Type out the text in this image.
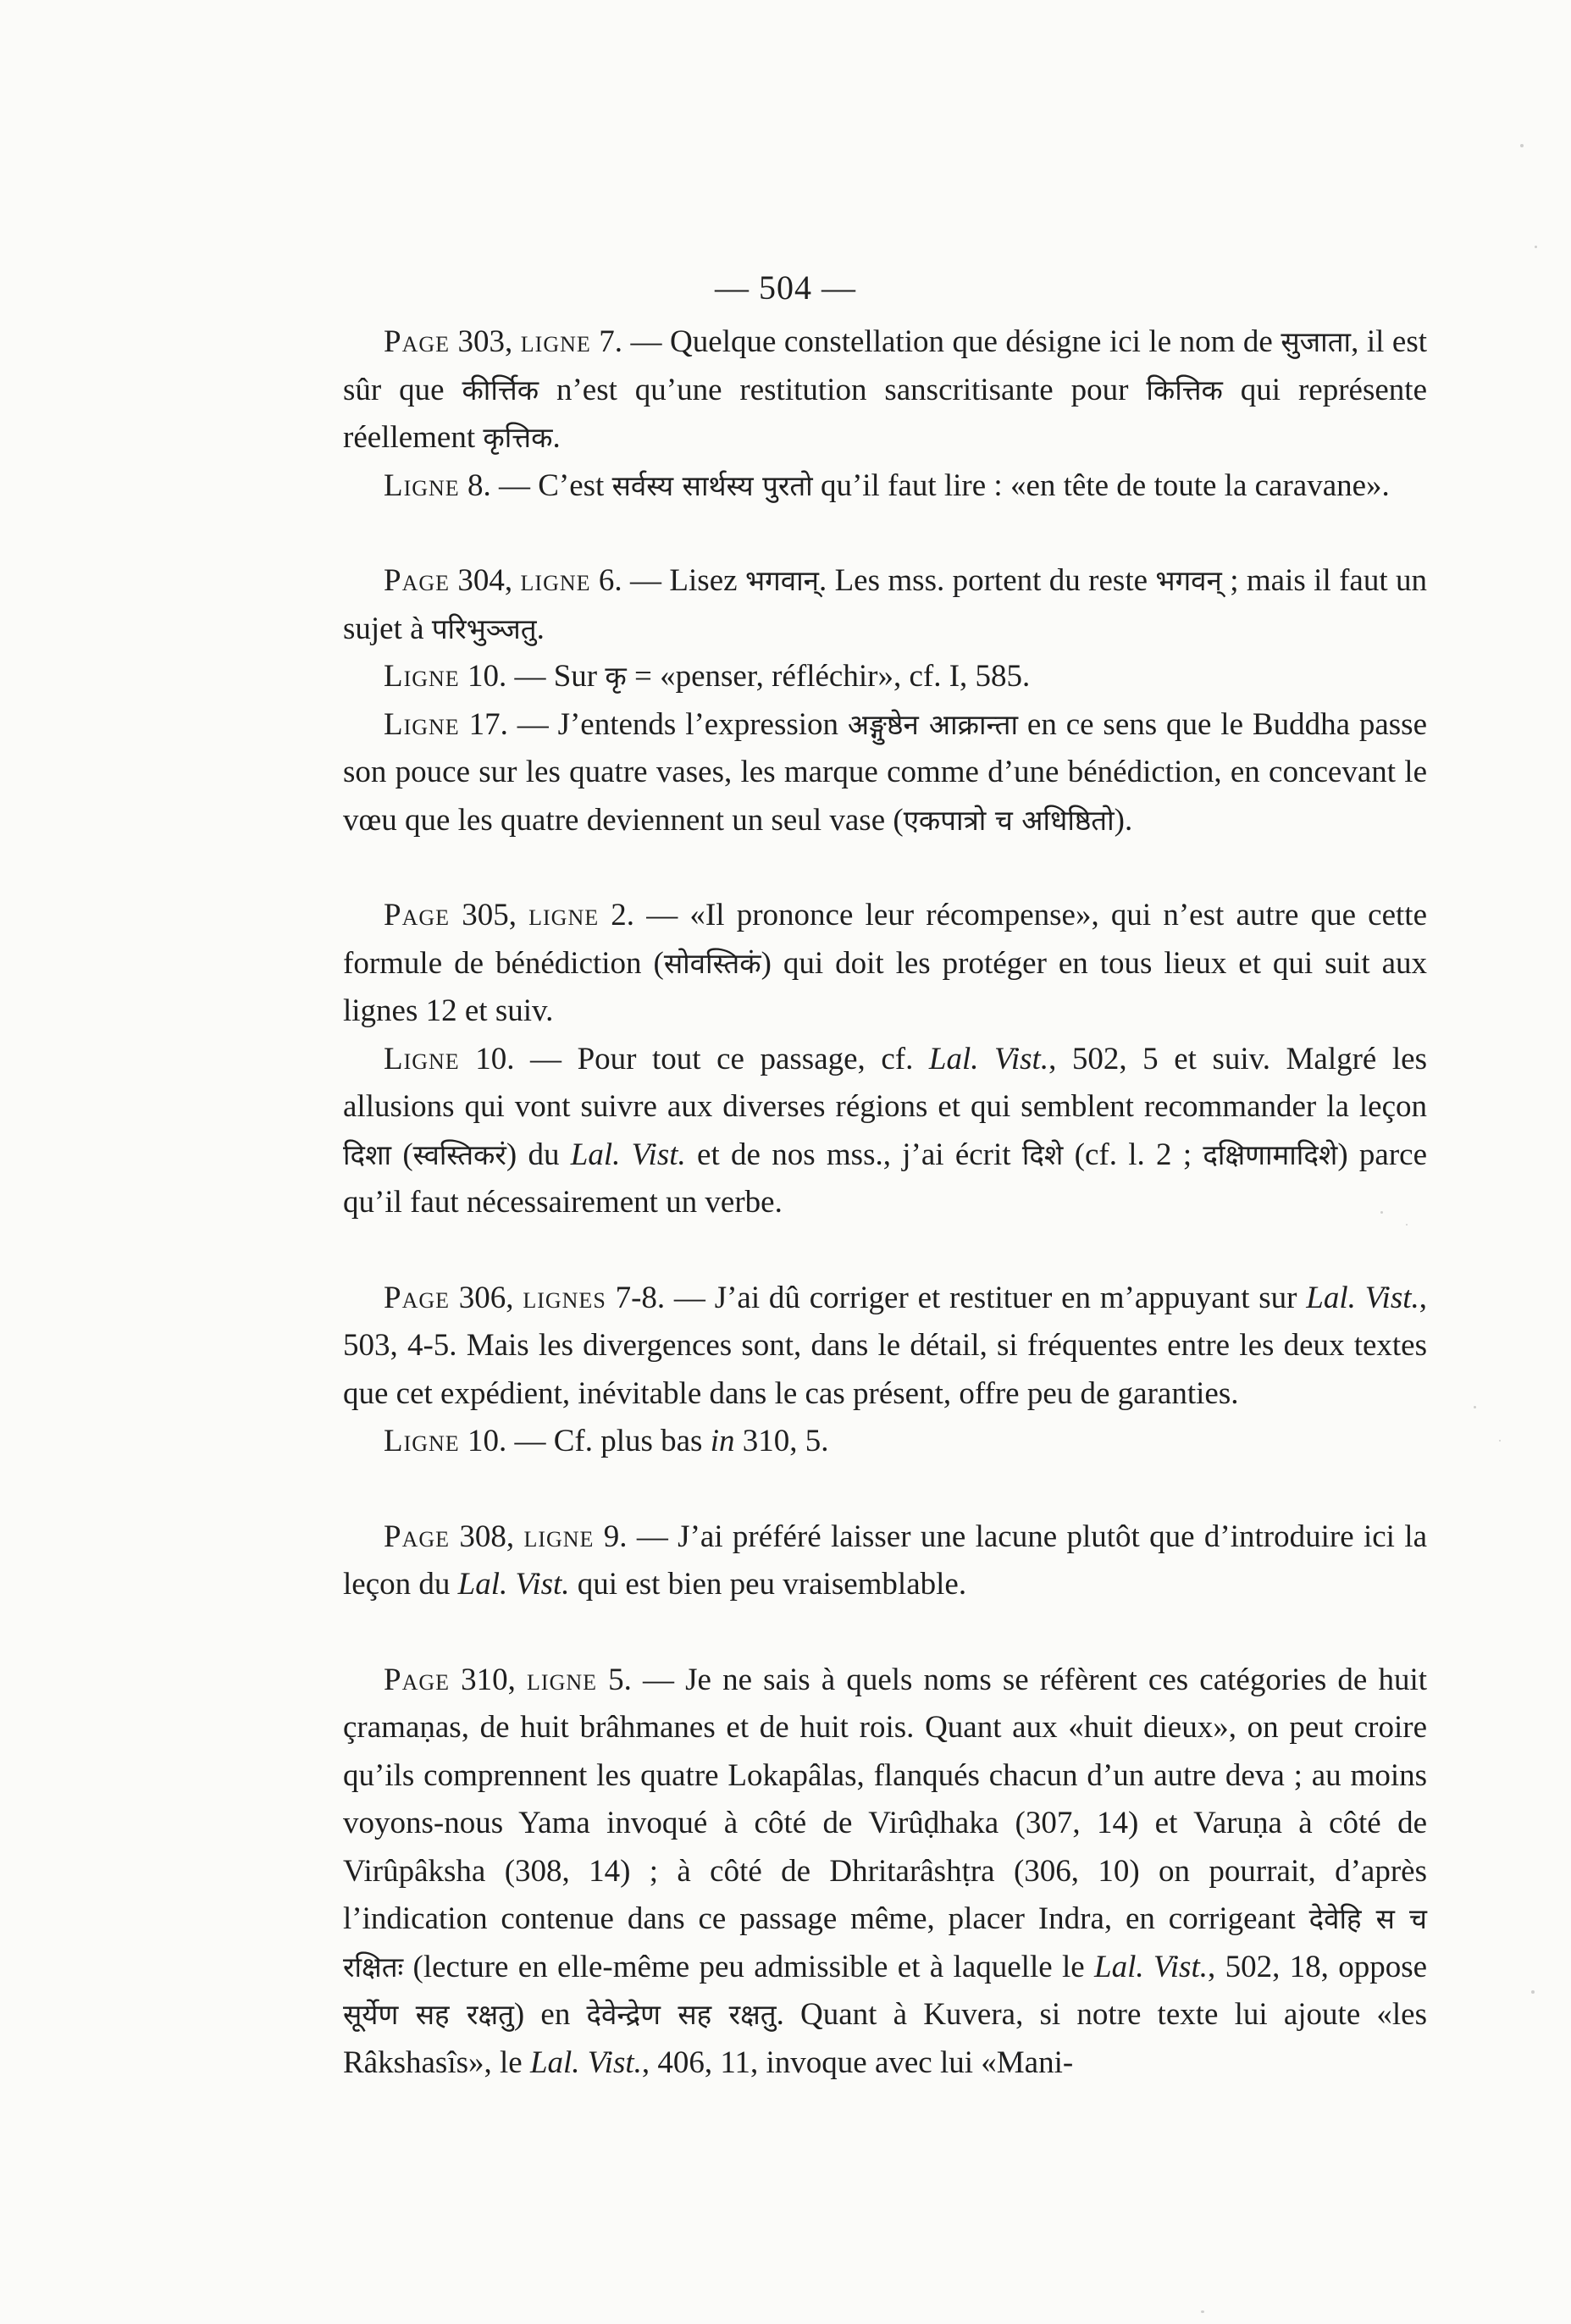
— 504 —

Page 303, ligne 7. — Quelque constellation que désigne ici le nom de सुजाता, il est sûr que कीर्त्तिक n’est qu’une restitution sanscritisante pour कित्तिक qui représente réellement कृत्तिक.

Ligne 8. — C’est सर्वस्य सार्थस्य पुरतो qu’il faut lire : «en tête de toute la caravane».

Page 304, ligne 6. — Lisez भगवान्. Les mss. portent du reste भगवन् ; mais il faut un sujet à परिभुञ्जतु.

Ligne 10. — Sur कृ = «penser, réfléchir», cf. I, 585.

Ligne 17. — J’entends l’expression अङ्गुष्ठेन आक्रान्ता en ce sens que le Buddha passe son pouce sur les quatre vases, les marque comme d’une bénédiction, en concevant le vœu que les quatre deviennent un seul vase (एकपात्रो च अधिष्ठितो).

Page 305, ligne 2. — «Il prononce leur récompense», qui n’est autre que cette formule de bénédiction (सोवस्तिकं) qui doit les protéger en tous lieux et qui suit aux lignes 12 et suiv.

Ligne 10. — Pour tout ce passage, cf. Lal. Vist., 502, 5 et suiv. Malgré les allusions qui vont suivre aux diverses régions et qui semblent recommander la leçon दिशा (स्वस्तिकरं) du Lal. Vist. et de nos mss., j’ai écrit दिशे (cf. l. 2 ; दक्षिणामादिशे) parce qu’il faut nécessairement un verbe.

Page 306, lignes 7-8. — J’ai dû corriger et restituer en m’appuyant sur Lal. Vist., 503, 4-5. Mais les divergences sont, dans le détail, si fréquentes entre les deux textes que cet expédient, inévitable dans le cas présent, offre peu de garanties.

Ligne 10. — Cf. plus bas in 310, 5.

Page 308, ligne 9. — J’ai préféré laisser une lacune plutôt que d’introduire ici la leçon du Lal. Vist. qui est bien peu vraisemblable.

Page 310, ligne 5. — Je ne sais à quels noms se réfèrent ces catégories de huit çramaṇas, de huit brâhmanes et de huit rois. Quant aux «huit dieux», on peut croire qu’ils comprennent les quatre Lokapâlas, flanqués chacun d’un autre deva ; au moins voyons-nous Yama invoqué à côté de Virûḍhaka (307, 14) et Varuṇa à côté de Virûpâksha (308, 14) ; à côté de Dhritarâshṭra (306, 10) on pourrait, d’après l’indication contenue dans ce passage même, placer Indra, en corrigeant देवेहि स च रक्षितः (lecture en elle-même peu admissible et à laquelle le Lal. Vist., 502, 18, oppose सूर्येण सह रक्षतु) en देवेन्द्रेण सह रक्षतु. Quant à Kuvera, si notre texte lui ajoute «les Râkshasîs», le Lal. Vist., 406, 11, invoque avec lui «Mani-
